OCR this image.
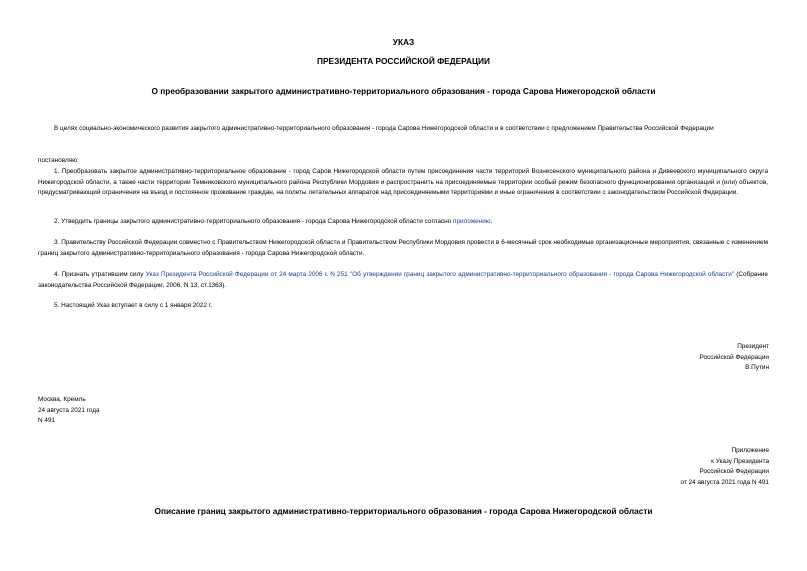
УКАЗ
ПРЕЗИДЕНТА РОССИЙСКОЙ ФЕДЕРАЦИИ
О преобразовании закрытого административно-территориального образования - города Сарова Нижегородской области
В целях социально-экономического развития закрытого административно-территориального образования - города Сарова Нижегородской области и в соответствии с предложением Правительства Российской Федерации
постановляю:
1. Преобразовать закрытое административно-территориальное образование - город Саров Нижегородской области путем присоединения части территорий Вознесенского муниципального района и Дивеевского муниципального округа Нижегородской области, а также части территории Темниковского муниципального района Республики Мордовия и распространить на присоединяемые территории особый режим безопасного функционирования организаций и (или) объектов, предусматривающий ограничения на въезд и постоянное проживание граждан, на полеты летательных аппаратов над присоединяемыми территориями и иные ограничения в соответствии с законодательством Российской Федерации.
2. Утвердить границы закрытого административно-территориального образования - города Сарова Нижегородской области согласно приложению.
3. Правительству Российской Федерации совместно с Правительством Нижегородской области и Правительством Республики Мордовия провести в 6-месячный срок необходимые организационные мероприятия, связанные с изменением границ закрытого административно-территориального образования - города Сарова Нижегородской области.
4. Признать утратившим силу Указ Президента Российской Федерации от 24 марта 2006 г. N 251 "Об утверждении границ закрытого административно-территориального образования - города Сарова Нижегородской области" (Собрание законодательства Российской Федерации, 2006, N 13, ст.1363).
5. Настоящий Указ вступает в силу с 1 января 2022 г.
Президент
Российской Федерации
В.Путин
Москва, Кремль
24 августа 2021 года
N 491
Приложение
к Указу Президента
Российской Федерации
от 24 августа 2021 года N 491
Описание границ закрытого административно-территориального образования - города Сарова Нижегородской области
